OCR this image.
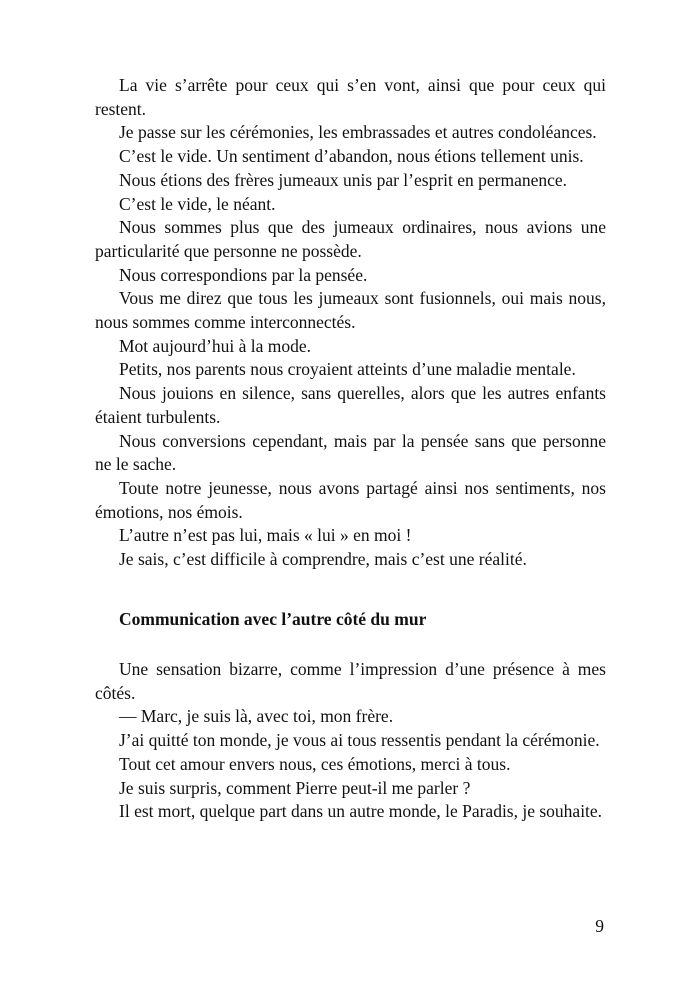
La vie s’arrête pour ceux qui s’en vont, ainsi que pour ceux qui restent.

Je passe sur les cérémonies, les embrassades et autres condoléances.

C’est le vide. Un sentiment d’abandon, nous étions tellement unis.

Nous étions des frères jumeaux unis par l’esprit en permanence.

C’est le vide, le néant.

Nous sommes plus que des jumeaux ordinaires, nous avions une particularité que personne ne possède.

Nous correspondions par la pensée.

Vous me direz que tous les jumeaux sont fusionnels, oui mais nous, nous sommes comme interconnectés.

Mot aujourd’hui à la mode.

Petits, nos parents nous croyaient atteints d’une maladie mentale.

Nous jouions en silence, sans querelles, alors que les autres enfants étaient turbulents.

Nous conversions cependant, mais par la pensée sans que personne ne le sache.

Toute notre jeunesse, nous avons partagé ainsi nos sentiments, nos émotions, nos émois.

L’autre n’est pas lui, mais « lui » en moi !

Je sais, c’est difficile à comprendre, mais c’est une réalité.

Communication avec l’autre côté du mur

Une sensation bizarre, comme l’impression d’une présence à mes côtés.

— Marc, je suis là, avec toi, mon frère.

J’ai quitté ton monde, je vous ai tous ressentis pendant la cérémonie.

Tout cet amour envers nous, ces émotions, merci à tous.

Je suis surpris, comment Pierre peut-il me parler ?

Il est mort, quelque part dans un autre monde, le Paradis, je souhaite.

9
